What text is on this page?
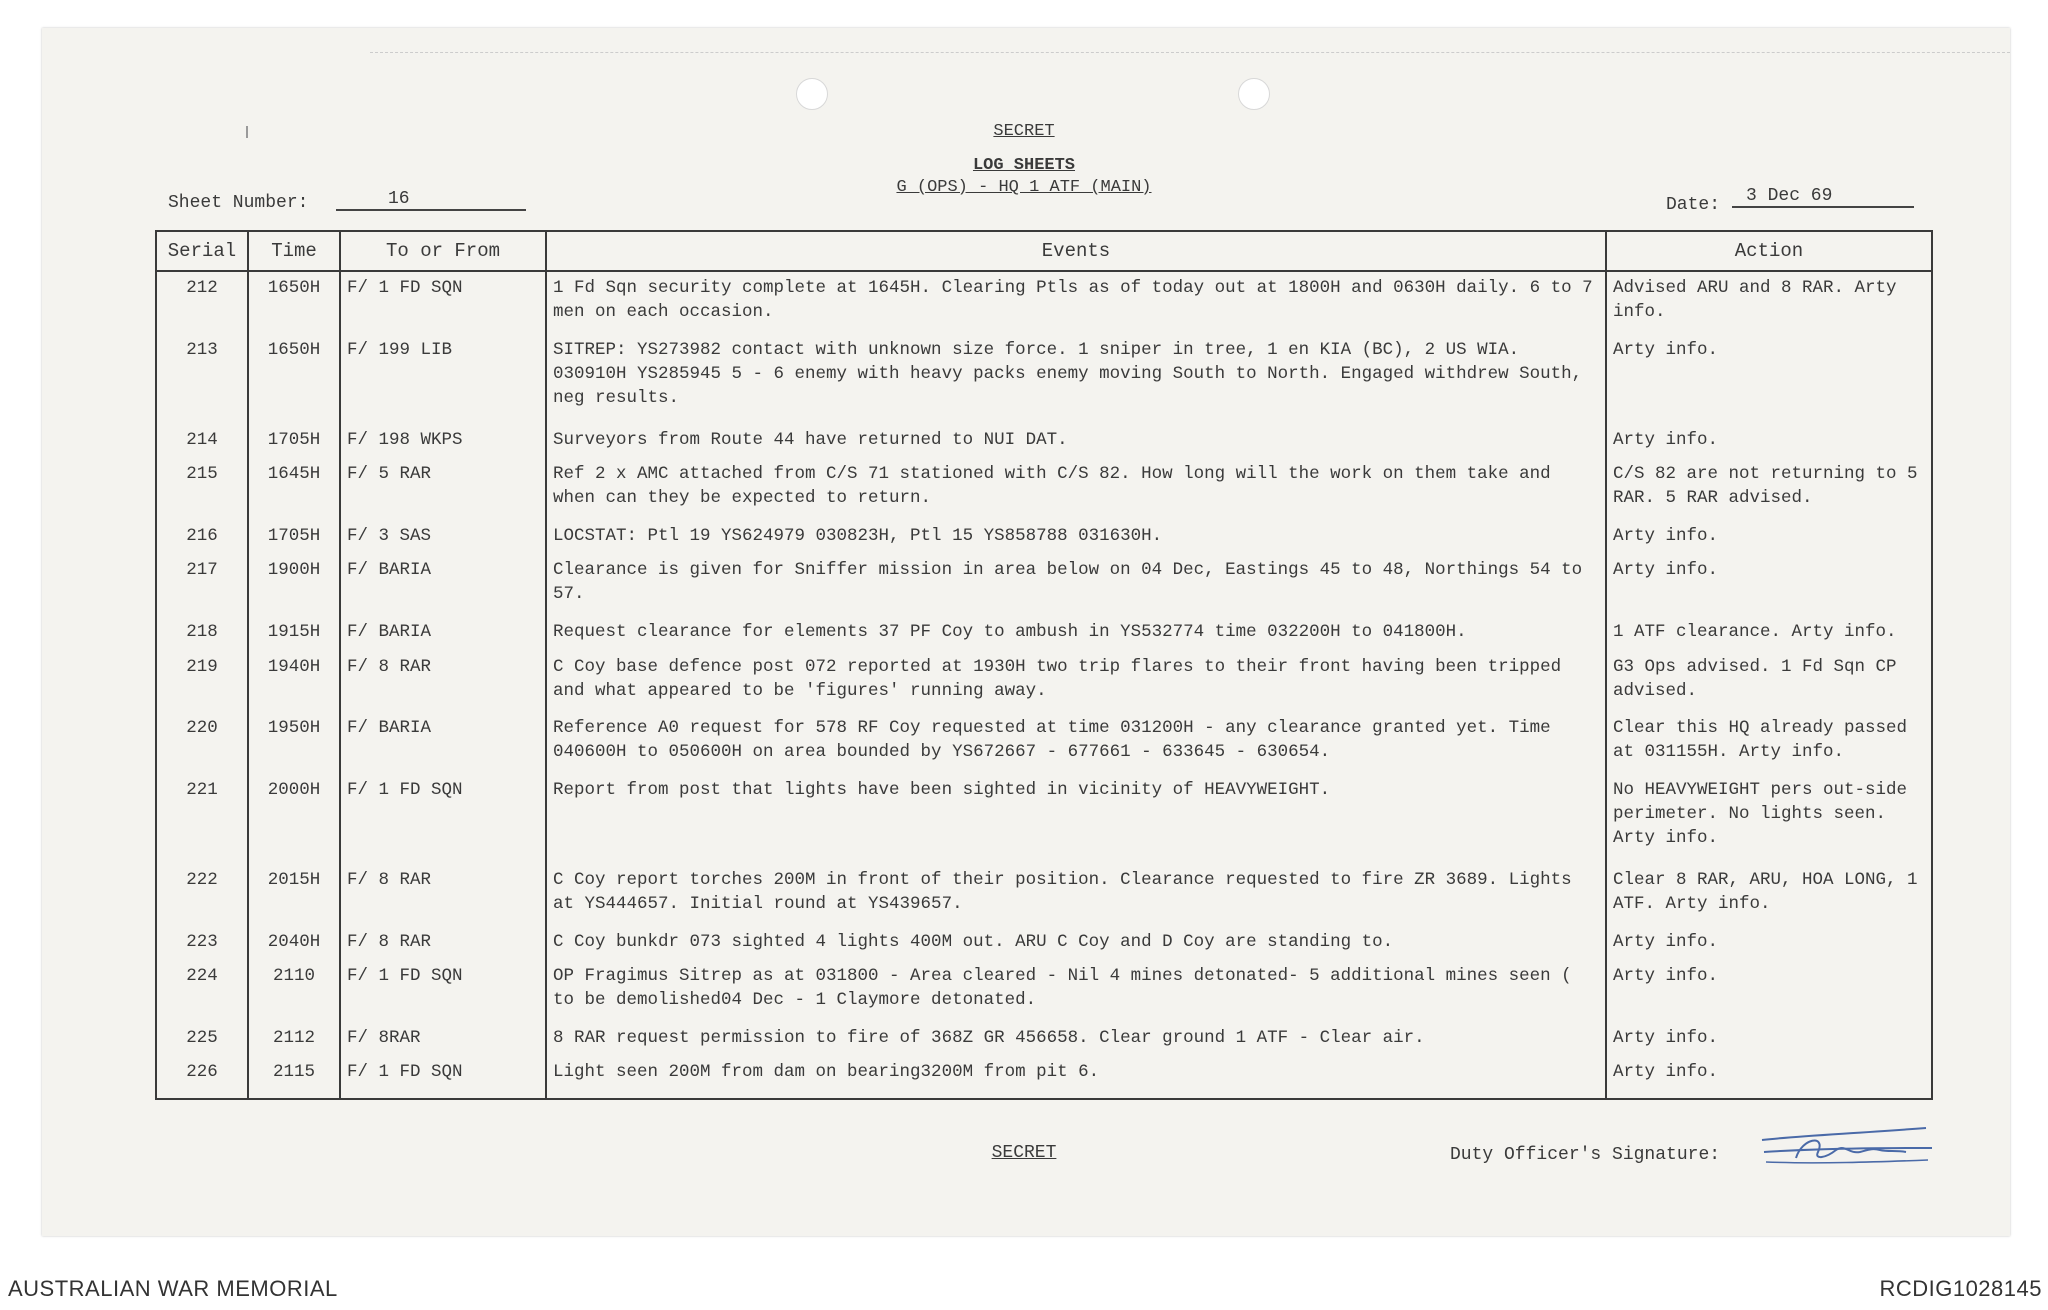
SECRET
LOG SHEETS
G (OPS) - HQ 1 ATF (MAIN)
Sheet Number:	16	Date:	3 Dec 69
Serial	Time	To or From	Events	Action
212	1650H	F/ 1 FD SQN	1 Fd Sqn security complete at 1645H. Clearing Ptls as of today out at 1800H and 0630H daily. 6 to 7 men on each occasion.	Advised ARU and 8 RAR. Arty info.
213	1650H	F/ 199 LIB	SITREP: YS273982 contact with unknown size force. 1 sniper in tree, 1 en KIA (BC), 2 US WIA. 030910H YS285945 5 - 6 enemy with heavy packs enemy moving South to North. Engaged withdrew South, neg results.	Arty info.
214	1705H	F/ 198 WKPS	Surveyors from Route 44 have returned to NUI DAT.	Arty info.
215	1645H	F/ 5 RAR	Ref 2 x AMC attached from C/S 71 stationed with C/S 82. How long will the work on them take and when can they be expected to return.	C/S 82 are not returning to 5 RAR. 5 RAR advised.
216	1705H	F/ 3 SAS	LOCSTAT: Ptl 19 YS624979 030823H, Ptl 15 YS858788 031630H.	Arty info.
217	1900H	F/ BARIA	Clearance is given for Sniffer mission in area below on 04 Dec, Eastings 45 to 48, Northings 54 to 57.	Arty info.
218	1915H	F/ BARIA	Request clearance for elements 37 PF Coy to ambush in YS532774 time 032200H to 041800H.	1 ATF clearance. Arty info.
219	1940H	F/ 8 RAR	C Coy base defence post 072 reported at 1930H two trip flares to their front having been tripped and what appeared to be 'figures' running away.	G3 Ops advised. 1 Fd Sqn CP advised.
220	1950H	F/ BARIA	Reference A0 request for 578 RF Coy requested at time 031200H - any clearance granted yet. Time 040600H to 050600H on area bounded by YS672667 - 677661 - 633645 - 630654.	Clear this HQ already passed at 031155H. Arty info.
221	2000H	F/ 1 FD SQN	Report from post that lights have been sighted in vicinity of HEAVYWEIGHT.	No HEAVYWEIGHT pers out-side perimeter. No lights seen. Arty info.
222	2015H	F/ 8 RAR	C Coy report torches 200M in front of their position. Clearance requested to fire ZR 3689. Lights at YS444657. Initial round at YS439657.	Clear 8 RAR, ARU, HOA LONG, 1 ATF. Arty info.
223	2040H	F/ 8 RAR	C Coy bunkdr 073 sighted 4 lights 400M out. ARU C Coy and D Coy are standing to.	Arty info.
224	2110	F/ 1 FD SQN	OP Fragimus Sitrep as at 031800 - Area cleared - Nil 4 mines detonated- 5 additional mines seen ( to be demolished04 Dec - 1 Claymore detonated.	Arty info.
225	2112	F/ 8RAR	8 RAR request permission to fire of 368Z GR 456658. Clear ground 1 ATF - Clear air.	Arty info.
226	2115	F/ 1 FD SQN	Light seen 200M from dam on bearing3200M from pit 6.	Arty info.

SECRET	Duty Officer's Signature:
AUSTRALIAN WAR MEMORIAL	RCDIG1028145
